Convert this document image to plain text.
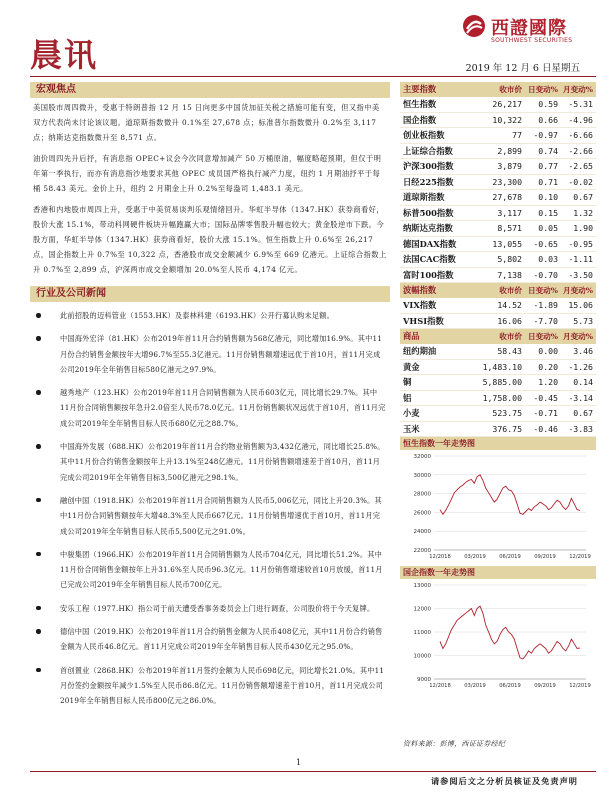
晨讯
西證國際
SOUTHWEST SECURITIES
2019 年 12 月 6 日星期五
宏观焦点

美国股市周四微升，受惠于特朗普指 12 月 15 日向更多中国货加征关税之措施可能有变，但又指中美双方代表尚未讨论该议题。道琼斯指数微升 0.1%至 27,678 点；标准普尔指数微升 0.2%至 3,117 点；纳斯达克指数微升至 8,571 点。

油价周四先升后抒，有消息指 OPEC+议会今次同意增加减产 50 万桶原油，幅度略超预期，但仅于明年第一季执行，而亦有消息指沙地要求其他 OPEC 成员国严格执行减产力度，纽约 1 月期油抒平于每桶 58.43 美元。金价上升，纽约 2 月期金上升 0.2%至每盎司 1,483.1 美元。

香港和内地股市周四上升，受惠于中美贸易谈判乐观情绪回升。华虹半导体（1347.HK）获券商看好，股价大涨 15.1%，带动科网硬件板块升幅跑赢大市；国际品牌零售股升幅也较大；黄金股逆市下跌。今股方面，华虹半导体（1347.HK）获券商看好，股价大涨 15.1%。恒生指数上升 0.6%至 26,217 点，国企指数上升 0.7%至 10,322 点，香港股市成交金额减少 6.9%至 669 亿港元。上证综合指数上升 0.7%至 2,899 点，沪深两市成交金额增加 20.0%至人民币 4,174 亿元。

行业及公司新闻
此前招股的迈科管业（1553.HK）及泰林科建（6193.HK）公开行募认购未足额。
中国海外宏洋（81.HK）公布2019年首11月合约销售额为568亿港元，同比增加16.9%。其中11月份合约销售金额按年大增96.7%至55.3亿港元。11月份销售额增速远优于首10月，首11月完成公司2019年全年销售目标580亿港元之97.9%。
越秀地产（123.HK）公布2019年首11月合同销售额为人民币603亿元，同比增长29.7%。其中11月份合同销售额按年急升2.0倍至人民币78.0亿元。11月份销售额状况远优于首10月，首11月完成公司2019年全年销售目标人民币680亿元之88.7%。
中国海外发展（688.HK）公布2019年首11月合约物业销售额为3,432亿港元，同比增长25.8%。其中11月份合约销售金额按年上升13.1%至248亿港元。11月份销售额增速差于首10月，首11月完成公司2019年全年销售目标3,500亿港元之98.1%。
融创中国（1918.HK）公布2019年首11月合同销售额为人民币5,006亿元，同比上升20.3%。其中11月份合同销售额按年大增48.3%至人民币667亿元。11月份销售增速优于首10月，首11月完成公司2019年全年销售目标人民币5,500亿元之91.0%。
中骏集团（1966.HK）公布2019年首11月合同销售额为人民币704亿元，同比增长51.2%。其中11月份合同销售金额按年上升31.6%至人民币96.3亿元。11月份销售增速较首10月放缓，首11月已完成公司2019年全年销售目标人民币700亿元。
安乐工程（1977.HK）指公司于前天遭受香事务委员会上门进行调查，公司股价将于今天复牌。
德信中国（2019.HK）公布2019年首11月合约销售金额为人民币408亿元，其中11月份合约销售金额为人民币46.8亿元。首11月完成公司2019年全年销售目标人民币430亿元之95.0%。
首创置业（2868.HK）公布2019年首11月签约金额为人民币698亿元，同比增长21.0%。其中11月份签约金额按年减少1.5%至人民币86.8亿元。11月份销售额增速差于首10月，首11月完成公司2019年全年销售目标人民币800亿元之86.0%。
主要指数	收市价 日变动% 月变动%
恒生指数	26,217	0.59	-5.31
国企指数	10,322	0.66	-4.96
创业板指数	77	-0.97	-6.66
上证综合指数	2,899	0.74	-2.66
沪深300指数	3,879	0.77	-2.65
日经225指数	23,300	0.71	-0.02
道琼斯指数	27,678	0.10	0.67
标普500指数	3,117	0.15	1.32
纳斯达克指数	8,571	0.05	1.90
德国DAX指数	13,055	-0.65	-0.95
法国CAC指数	5,802	0.03	-1.11
富时100指数	7,138	-0.70	-3.50
波幅指数	收市价 日变动% 月变动%
VIX指数	14.52	-1.89	15.06
VHSI指数	16.06	-7.70	5.73
商品	收市价 日变动% 月变动%
纽约期油	58.43	0.00	3.46
黄金	1,483.10	0.20	-1.26
铜	5,885.00	1.20	0.14
铝	1,758.00	-0.45	-3.14
小麦	523.75	-0.71	0.67
玉米	376.75	-0.46	-3.83
恒生指数一年走势图
22000
24000
26000
28000
30000
32000
12/2018	03/2019	06/2019	09/2019	12/2019
国企指数一年走势图
9000
10000
11000
12000
13000
12/2018	03/2019	06/2019	09/2019	12/2019
资料来源：彭博，西证证券经纪
1
请参阅后文之分析员核证及免责声明
